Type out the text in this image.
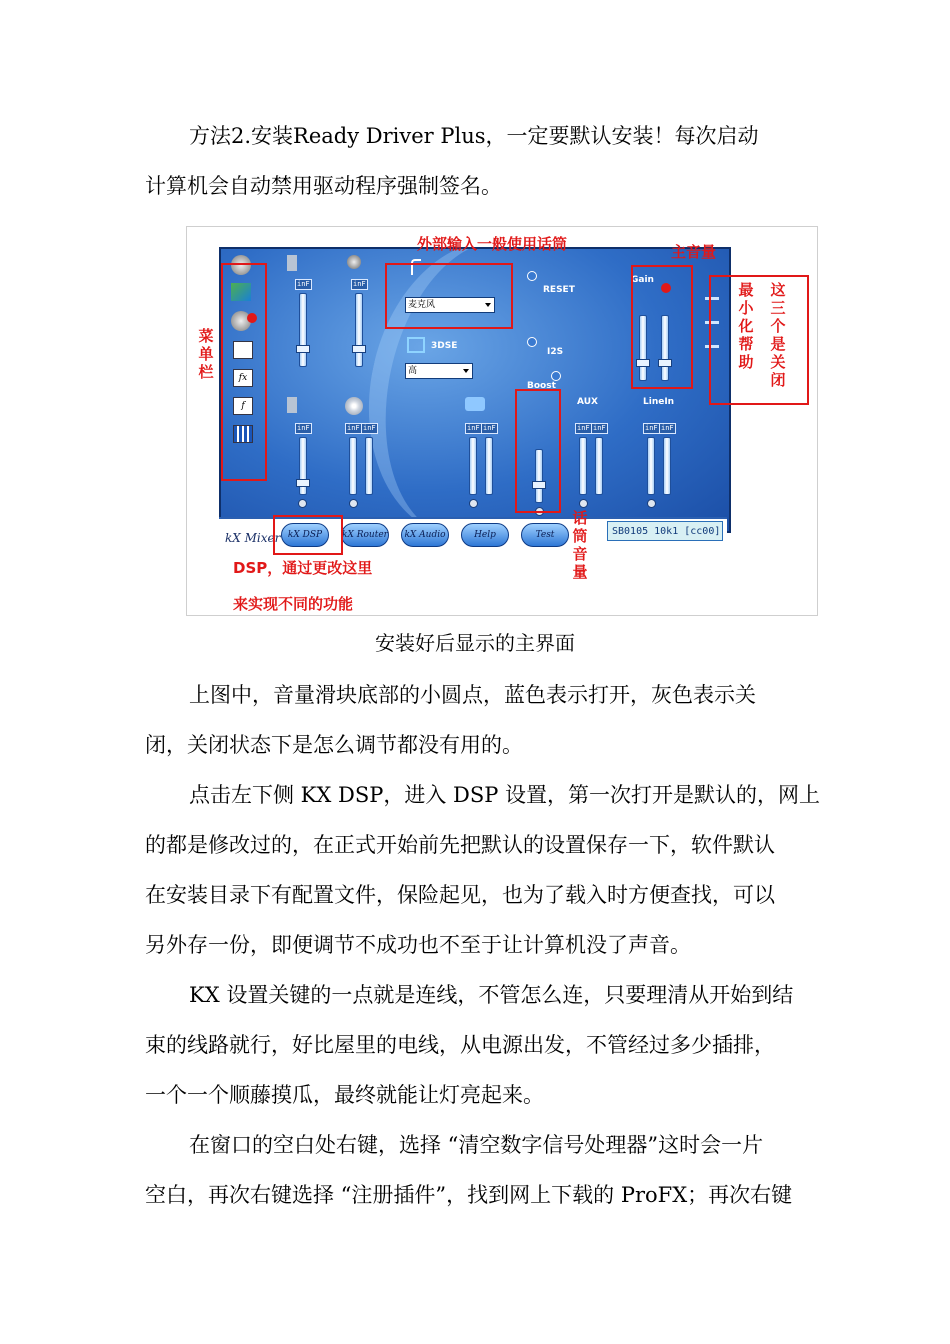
方法2.安装Ready Driver Plus，一定要默认安装！每次启动
计算机会自动禁用驱动程序强制签名。
fx
f
inF	inF
麦克风
3DSE
高
RESET
I2S
Boost
Gain
inF	inF inF	inF inF
AUX
inF inF
LineIn
inF inF
kX Mixer kX DSP	kX Router	kX Audio	Help	Test	SB0105 10k1 [cc00]
外部输入一般使用话筒	主音量
菜单栏
最小化帮助
这三个是关闭
话筒音量
DSP，通过更改这里
来实现不同的功能
安装好后显示的主界面
上图中，音量滑块底部的小圆点，蓝色表示打开，灰色表示关
闭，关闭状态下是怎么调节都没有用的。
点击左下侧 KX DSP，进入 DSP 设置，第一次打开是默认的，网上
的都是修改过的，在正式开始前先把默认的设置保存一下，软件默认
在安装目录下有配置文件，保险起见，也为了载入时方便查找，可以
另外存一份，即便调节不成功也不至于让计算机没了声音。
KX 设置关键的一点就是连线，不管怎么连，只要理清从开始到结
束的线路就行，好比屋里的电线，从电源出发，不管经过多少插排，
一个一个顺藤摸瓜，最终就能让灯亮起来。
在窗口的空白处右键，选择 “清空数字信号处理器”这时会一片
空白，再次右键选择 “注册插件”，找到网上下载的 ProFX；再次右键
